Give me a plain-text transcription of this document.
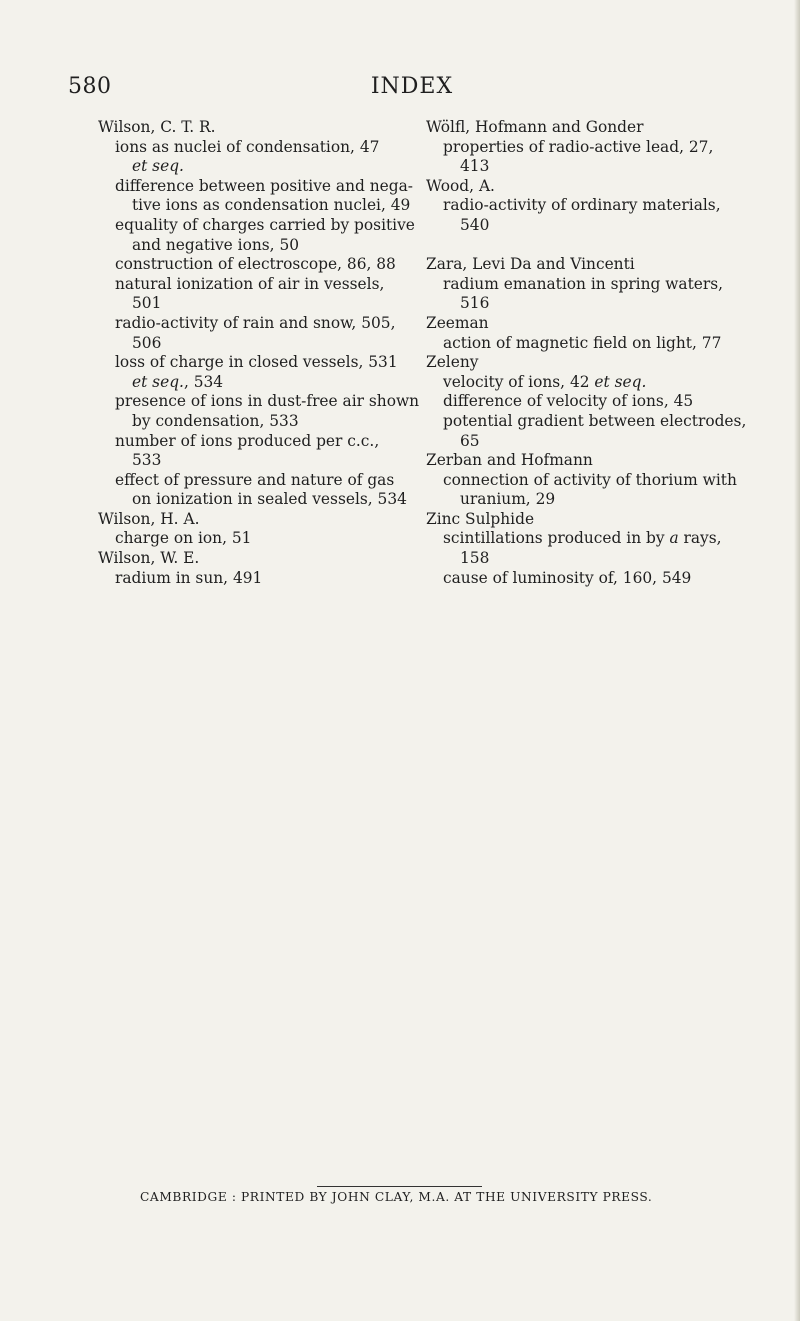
580	INDEX
Wilson, C. T. R.
ions as nuclei of condensation, 47
et seq.
difference between positive and nega-
tive ions as condensation nuclei, 49
equality of charges carried by positive
and negative ions, 50
construction of electroscope, 86, 88
natural ionization of air in vessels,
501
radio-activity of rain and snow, 505,
506
loss of charge in closed vessels, 531
et seq., 534
presence of ions in dust-free air shown
by condensation, 533
number of ions produced per c.c.,
533
effect of pressure and nature of gas
on ionization in sealed vessels, 534
Wilson, H. A.
charge on ion, 51
Wilson, W. E.
radium in sun, 491
Wölfl, Hofmann and Gonder
properties of radio-active lead, 27,
413
Wood, A.
radio-activity of ordinary materials,
540
Zara, Levi Da and Vincenti
radium emanation in spring waters,
516
Zeeman
action of magnetic field on light, 77
Zeleny
velocity of ions, 42 et seq.
difference of velocity of ions, 45
potential gradient between electrodes,
65
Zerban and Hofmann
connection of activity of thorium with
uranium, 29
Zinc Sulphide
scintillations produced in by a rays,
158
cause of luminosity of, 160, 549
CAMBRIDGE : PRINTED BY JOHN CLAY, M.A. AT THE UNIVERSITY PRESS.
